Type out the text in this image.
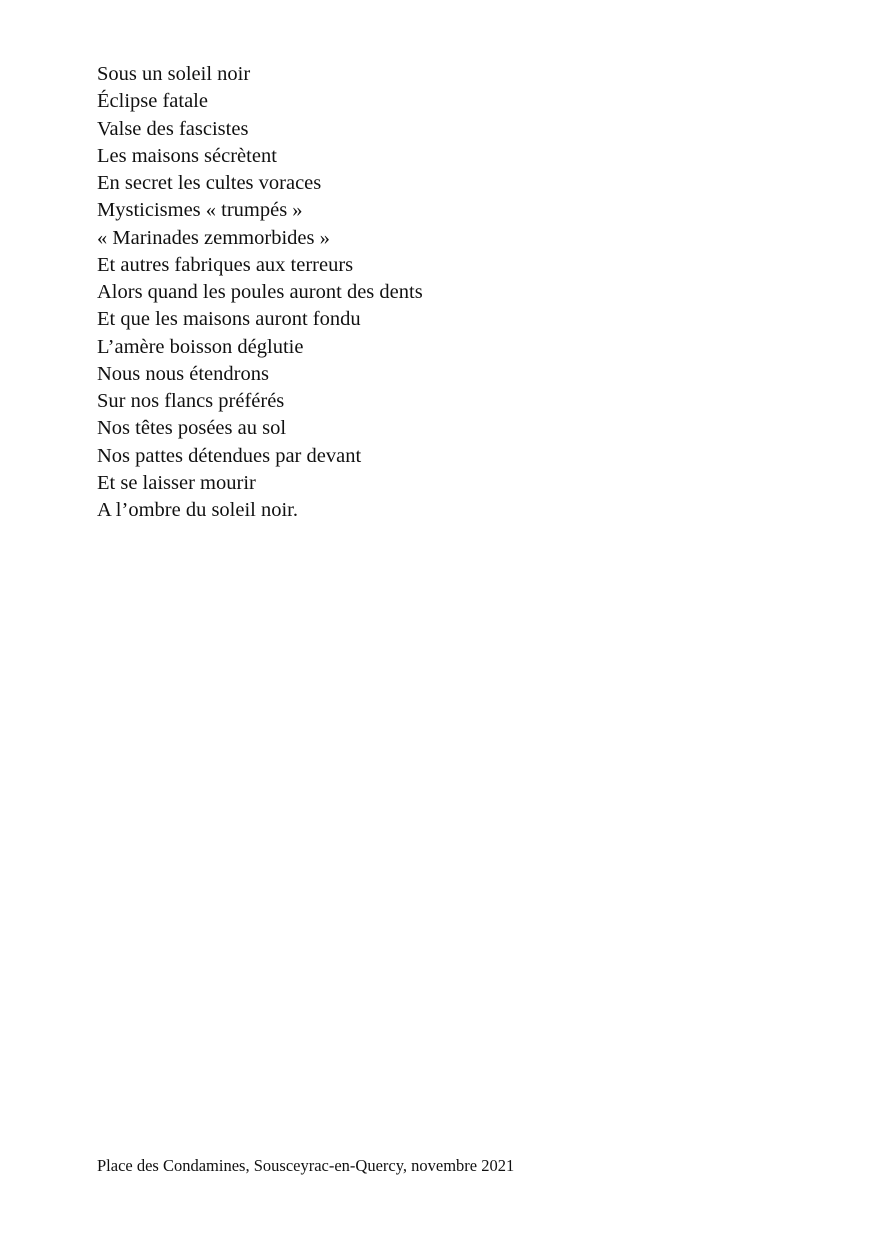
Sous un soleil noir
Éclipse fatale
Valse des fascistes
Les maisons sécrètent
En secret les cultes voraces
Mysticismes « trumpés »
« Marinades zemmorbides »
Et autres fabriques aux terreurs
Alors quand les poules auront des dents
Et que les maisons auront fondu
L’amère boisson déglutie
Nous nous étendrons
Sur nos flancs préférés
Nos têtes posées au sol
Nos pattes détendues par devant
Et se laisser mourir
A l’ombre du soleil noir.

Place des Condamines, Sousceyrac-en-Quercy, novembre 2021
